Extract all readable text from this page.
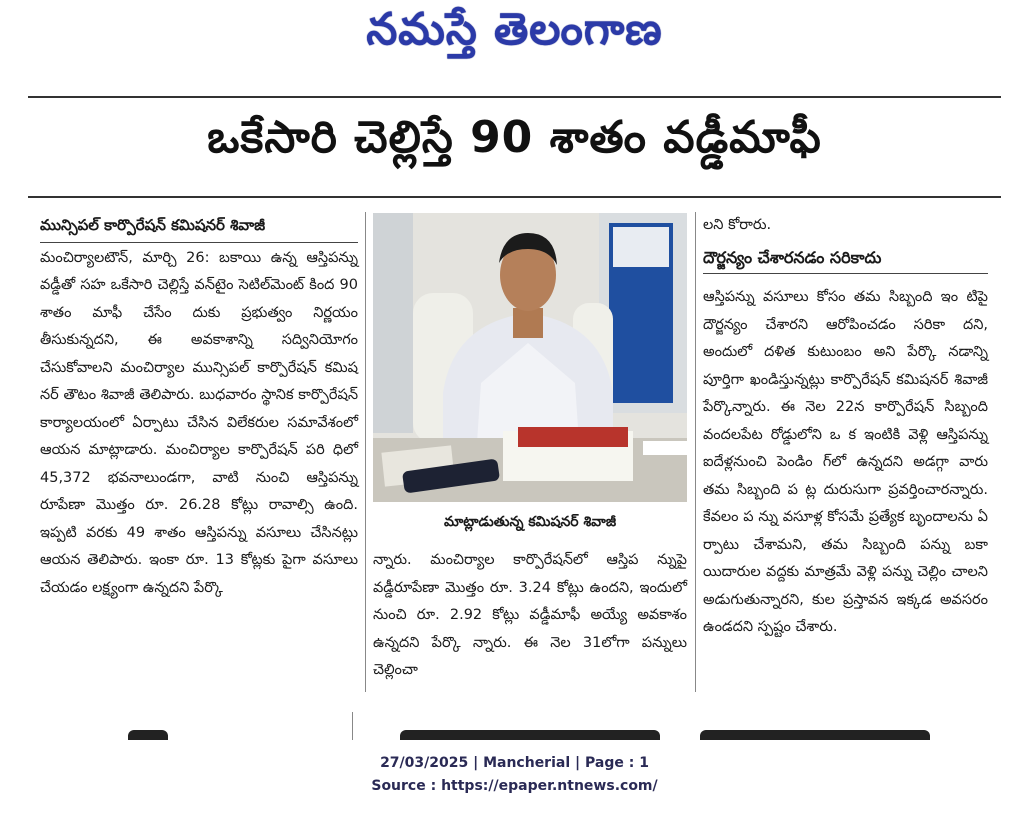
నమస్తే తెలంగాణ
ఒకేసారి చెల్లిస్తే 90 శాతం వడ్డీమాఫీ
మున్సిపల్ కార్పొరేషన్ కమిషనర్ శివాజీ

మంచిర్యాలటౌన్, మార్చి 26: బకాయి ఉన్న ఆస్తిపన్ను వడ్డీతో సహ ఒకేసారి చెల్లిస్తే వన్‌టైం సెటిల్‌మెంట్ కింద 90 శాతం మాఫీ చేసేం దుకు ప్రభుత్వం నిర్ణయం తీసుకున్నదని, ఈ అవకాశాన్ని సద్వినియోగం చేసుకోవాలని మంచిర్యాల మున్సిపల్ కార్పొరేషన్ కమిష నర్ తౌటం శివాజీ తెలిపారు. బుధవారం స్థానిక కార్పొరేషన్ కార్యాలయంలో ఏర్పాటు చేసిన విలేకరుల సమావేశంలో ఆయన మాట్లాడారు. మంచిర్యాల కార్పొరేషన్ పరి ధిలో 45,372 భవనాలుండగా, వాటి నుంచి ఆస్తిపన్ను రూపేణా మొత్తం రూ. 26.28 కోట్లు రావాల్సి ఉంది. ఇప్పటి వరకు 49 శాతం ఆస్తిపన్ను వసూలు చేసినట్లు ఆయన తెలిపారు. ఇంకా రూ. 13 కోట్లకు పైగా వసూలు చేయడం లక్ష్యంగా ఉన్నదని పేర్కొ

మాట్లాడుతున్న కమిషనర్ శివాజీ

న్నారు. మంచిర్యాల కార్పొరేషన్‌లో ఆస్తిప న్నుపై వడ్డీరూపేణా మొత్తం రూ. 3.24 కోట్లు ఉందని, ఇందులో నుంచి రూ. 2.92 కోట్లు వడ్డీమాఫీ అయ్యే అవకాశం ఉన్నదని పేర్కొ న్నారు. ఈ నెల 31లోగా పన్నులు చెల్లించా

లని కోరారు.

దౌర్జన్యం చేశారనడం సరికాదు

ఆస్తిపన్ను వసూలు కోసం తమ సిబ్బంది ఇం టిపై దౌర్జన్యం చేశారని ఆరోపించడం సరికా దని, అందులో దళిత కుటుంబం అని పేర్కొ నడాన్ని పూర్తిగా ఖండిస్తున్నట్లు కార్పొరేషన్ కమిషనర్ శివాజీ పేర్కొన్నారు. ఈ నెల 22న కార్పొరేషన్ సిబ్బంది వందలపేట రోడ్డులోని ఒ క ఇంటికి వెళ్లి ఆస్తిపన్ను ఐదేళ్లనుంచి పెండిం గ్‌లో ఉన్నదని అడగ్గా వారు తమ సిబ్బంది ప ట్ల దురుసుగా ప్రవర్తించారన్నారు. కేవలం ప న్ను వసూళ్ల కోసమే ప్రత్యేక బృందాలను ఏ ర్పాటు చేశామని, తమ సిబ్బంది పన్ను బకా యిదారుల వద్దకు మాత్రమే వెళ్లి పన్ను చెల్లిం చాలని అడుగుతున్నారని, కుల ప్రస్తావన ఇక్కడ అవసరం ఉండదని స్పష్టం చేశారు.

27/03/2025 | Mancherial | Page : 1
Source : https://epaper.ntnews.com/
